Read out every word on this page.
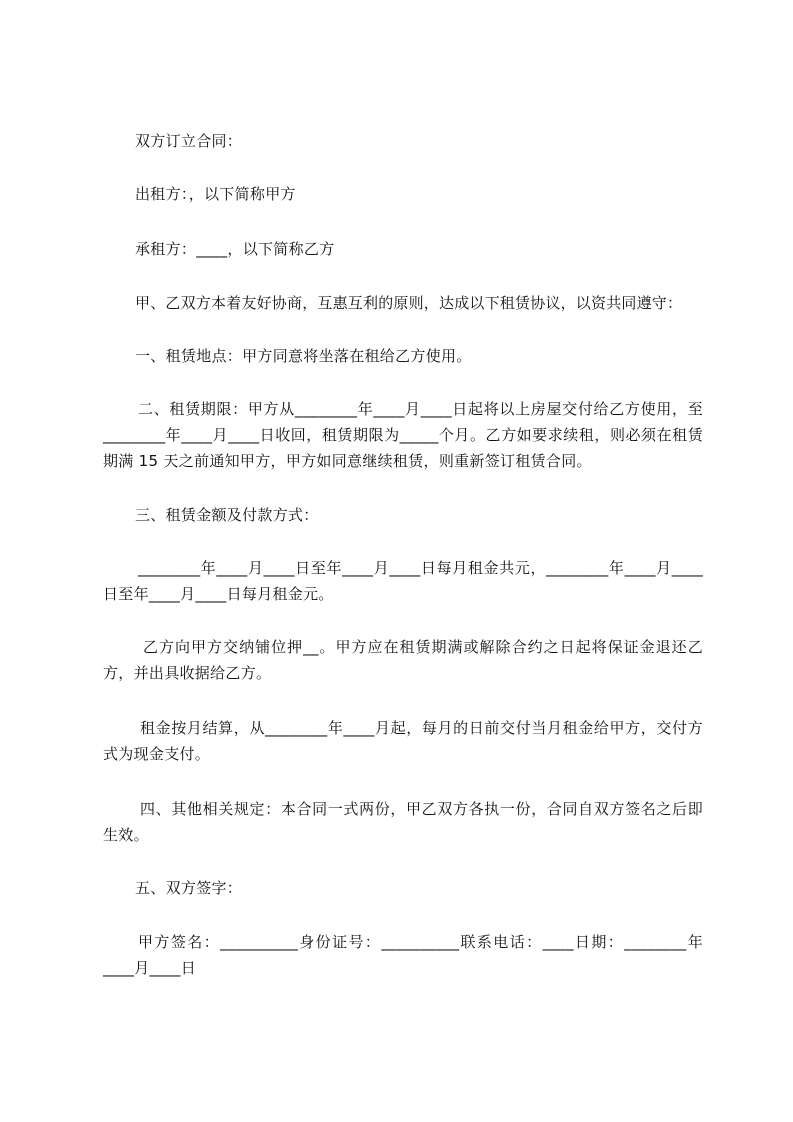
双方订立合同：

出租方：，以下简称甲方

承租方：____，以下简称乙方

甲、乙双方本着友好协商，互惠互利的原则，达成以下租赁协议，以资共同遵守：

一、租赁地点：甲方同意将坐落在租给乙方使用。

二、租赁期限：甲方从________年____月____日起将以上房屋交付给乙方使用，至________年____月____日收回，租赁期限为_____个月。乙方如要求续租，则必须在租赁期满 15 天之前通知甲方，甲方如同意继续租赁，则重新签订租赁合同。

三、租赁金额及付款方式：

________年____月____日至年____月____日每月租金共元，________年____月____日至年____月____日每月租金元。

乙方向甲方交纳铺位押__。甲方应在租赁期满或解除合约之日起将保证金退还乙方，并出具收据给乙方。

租金按月结算，从________年____月起，每月的日前交付当月租金给甲方，交付方式为现金支付。

四、其他相关规定：本合同一式两份，甲乙双方各执一份，合同自双方签名之后即生效。

五、双方签字：

甲方签名：__________身份证号：__________联系电话：____日期：________年____月____日
